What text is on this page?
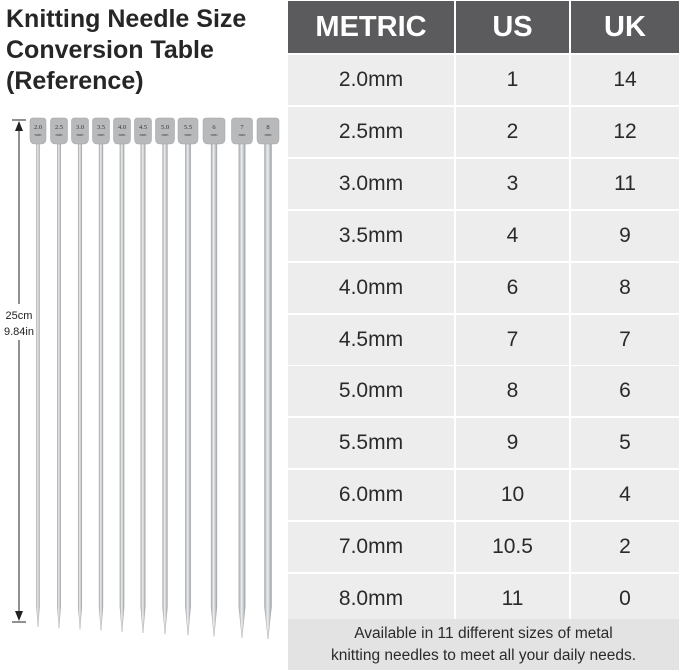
Knitting Needle Size
Conversion Table
(Reference)
25cm
9.84in
2.0
mm
2.5
mm
3.0
mm
3.5
mm
4.0
mm
4.5
mm
5.0
mm
5.5
mm
6
mm
7
mm
8
mm
METRIC	US	UK
2.0mm	1	14
2.5mm	2	12
3.0mm	3	11
3.5mm	4	9
4.0mm	6	8
4.5mm	7	7
5.0mm	8	6
5.5mm	9	5
6.0mm	10	4
7.0mm	10.5	2
8.0mm	11	0
Available in 11 different sizes of metal
knitting needles to meet all your daily needs.
